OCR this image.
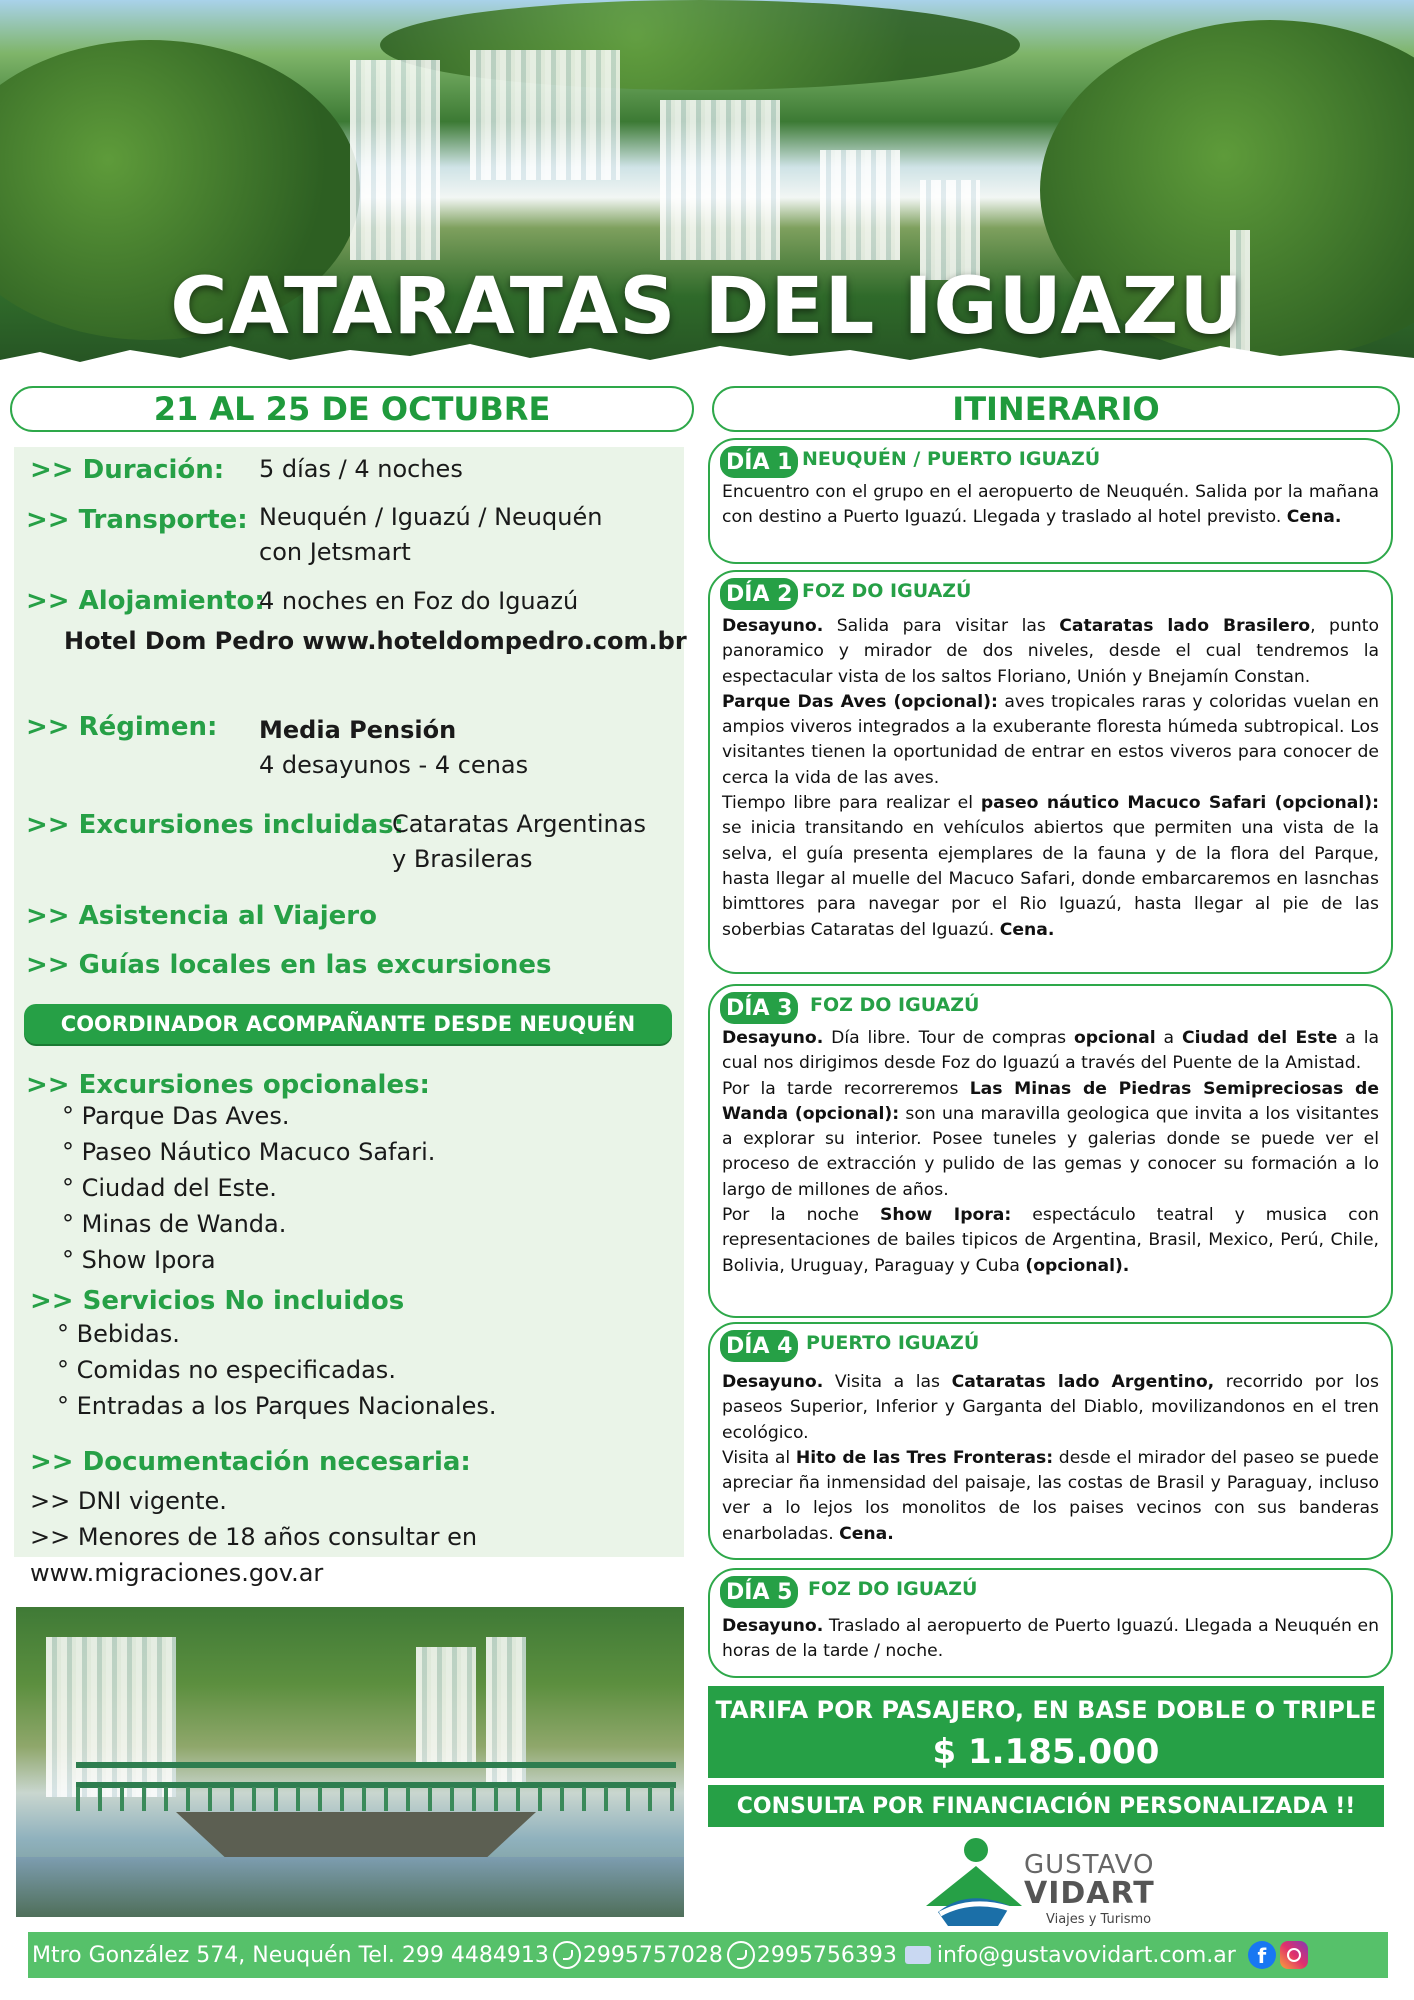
CATARATAS DEL IGUAZU
21 AL 25 DE OCTUBRE	ITINERARIO
>> Duración: 5 días / 4 noches
>> Transporte: Neuquén / Iguazú / Neuquén
con Jetsmart
>> Alojamiento:
4 noches en Foz do Iguazú
Hotel Dom Pedro www.hoteldompedro.com.br
>> Régimen: Media Pensión
4 desayunos - 4 cenas
>> Excursiones incluidas:
Cataratas Argentinas
y Brasileras
>> Asistencia al Viajero
>> Guías locales en las excursiones
COORDINADOR ACOMPAÑANTE DESDE NEUQUÉN
>> Excursiones opcionales:
° Parque Das Aves.
° Paseo Náutico Macuco Safari.
° Ciudad del Este.
° Minas de Wanda.
° Show Ipora
>> Servicios No incluidos
° Bebidas.
° Comidas no especificadas.
° Entradas a los Parques Nacionales.
>> Documentación necesaria:
>> DNI vigente.
>> Menores de 18 años consultar en
www.migraciones.gov.ar
DÍA 1 NEUQUÉN / PUERTO IGUAZÚ
Encuentro con el grupo en el aeropuerto de Neuquén. Salida por la mañana con destino a Puerto Iguazú. Llegada y traslado al hotel previsto. Cena.
DÍA 2 FOZ DO IGUAZÚ
Desayuno. Salida para visitar las Cataratas lado Brasilero, punto panoramico y mirador de dos niveles, desde el cual tendremos la espectacular vista de los saltos Floriano, Unión y Bnejamín Constan.
Parque Das Aves (opcional): aves tropicales raras y coloridas vuelan en ampios viveros integrados a la exuberante floresta húmeda subtropical. Los visitantes tienen la oportunidad de entrar en estos viveros para conocer de cerca la vida de las aves.
Tiempo libre para realizar el paseo náutico Macuco Safari (opcional): se inicia transitando en vehículos abiertos que permiten una vista de la selva, el guía presenta ejemplares de la fauna y de la flora del Parque, hasta llegar al muelle del Macuco Safari, donde embarcaremos en lasnchas bimttores para navegar por el Rio Iguazú, hasta llegar al pie de las soberbias Cataratas del Iguazú. Cena.
DÍA 3 FOZ DO IGUAZÚ
Desayuno. Día libre. Tour de compras opcional a Ciudad del Este a la cual nos dirigimos desde Foz do Iguazú a través del Puente de la Amistad.
Por la tarde recorreremos Las Minas de Piedras Semipreciosas de Wanda (opcional): son una maravilla geologica que invita a los visitantes a explorar su interior. Posee tuneles y galerias donde se puede ver el proceso de extracción y pulido de las gemas y conocer su formación a lo largo de millones de años.
Por la noche Show Ipora: espectáculo teatral y musica con representaciones de bailes tipicos de Argentina, Brasil, Mexico, Perú, Chile, Bolivia, Uruguay, Paraguay y Cuba (opcional).
DÍA 4 PUERTO IGUAZÚ
Desayuno. Visita a las Cataratas lado Argentino, recorrido por los paseos Superior, Inferior y Garganta del Diablo, movilizandonos en el tren ecológico.
Visita al Hito de las Tres Fronteras: desde el mirador del paseo se puede apreciar ña inmensidad del paisaje, las costas de Brasil y Paraguay, incluso ver a lo lejos los monolitos de los paises vecinos con sus banderas enarboladas. Cena.
DÍA 5 FOZ DO IGUAZÚ
Desayuno. Traslado al aeropuerto de Puerto Iguazú. Llegada a Neuquén en horas de la tarde / noche.
TARIFA POR PASAJERO, EN BASE DOBLE O TRIPLE
$ 1.185.000
CONSULTA POR FINANCIACIÓN PERSONALIZADA !!
GUSTAVO
VIDART
Viajes y Turismo
Mtro González 574, Neuquén Tel. 299 4484913 2995757028 2995756393 info@gustavovidart.com.ar	f
